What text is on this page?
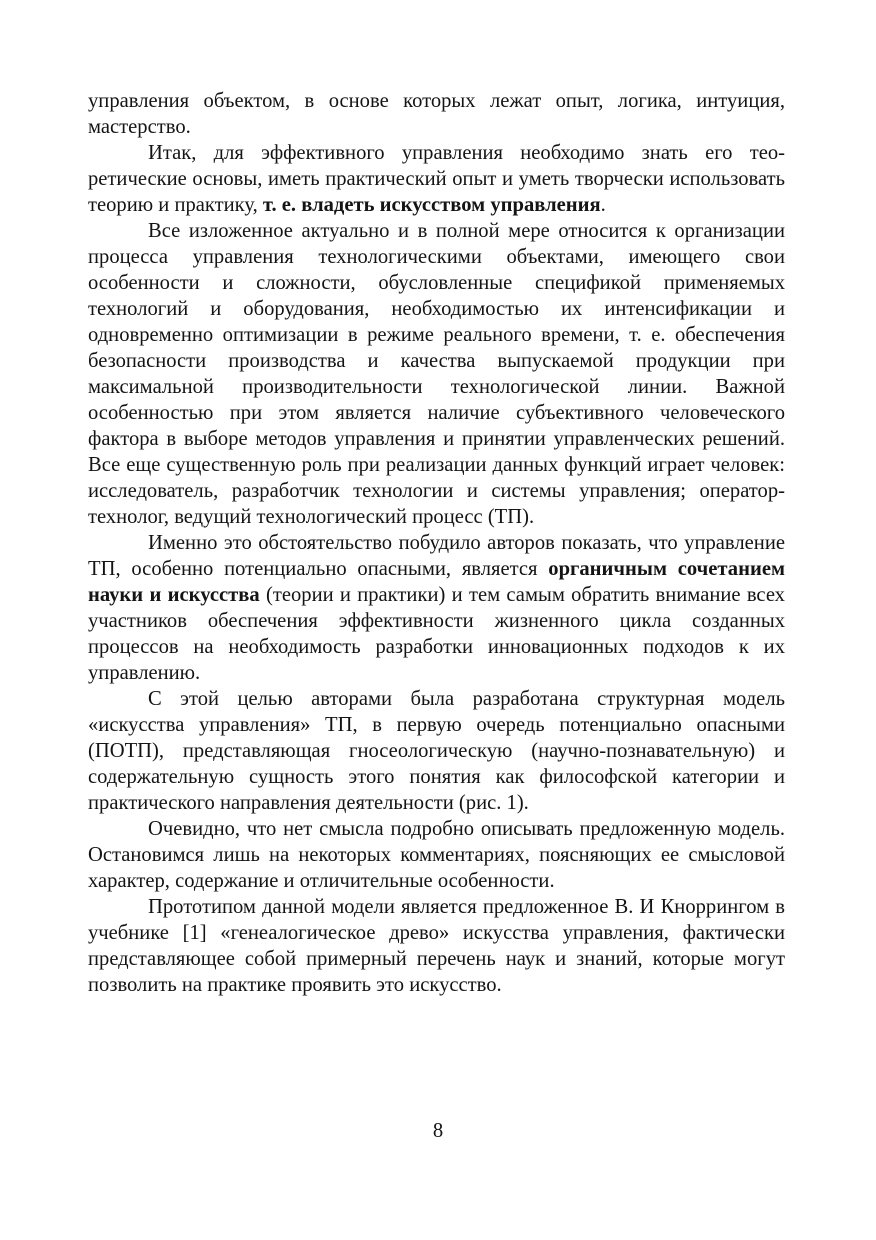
управления объектом, в основе которых лежат опыт, логика, интуиция, мастерство.

Итак, для эффективного управления необходимо знать его теоретические основы, иметь практический опыт и уметь творчески использовать теорию и практику, т. е. владеть искусством управления.

Все изложенное актуально и в полной мере относится к организации процесса управления технологическими объектами, имеющего свои особенности и сложности, обусловленные спецификой применяемых технологий и оборудования, необходимостью их интенсификации и одновременно оптимизации в режиме реального времени, т. е. обеспечения безопасности производства и качества выпускаемой продукции при максимальной производительности технологической линии. Важной особенностью при этом является наличие субъективного человеческого фактора в выборе методов управления и принятии управленческих решений. Все еще существенную роль при реализации данных функций играет человек: исследователь, разработчик технологии и системы управления; оператор-технолог, ведущий технологический процесс (ТП).

Именно это обстоятельство побудило авторов показать, что управление ТП, особенно потенциально опасными, является органичным сочетанием науки и искусства (теории и практики) и тем самым обратить внимание всех участников обеспечения эффективности жизненного цикла созданных процессов на необходимость разработки инновационных подходов к их управлению.

С этой целью авторами была разработана структурная модель «искусства управления» ТП, в первую очередь потенциально опасными (ПОТП), представляющая гносеологическую (научно-познавательную) и содержательную сущность этого понятия как философской категории и практического направления деятельности (рис. 1).

Очевидно, что нет смысла подробно описывать предложенную модель. Остановимся лишь на некоторых комментариях, поясняющих ее смысловой характер, содержание и отличительные особенности.

Прототипом данной модели является предложенное В. И Кноррингом в учебнике [1] «генеалогическое древо» искусства управления, фактически представляющее собой примерный перечень наук и знаний, которые могут позволить на практике проявить это искусство.

8
